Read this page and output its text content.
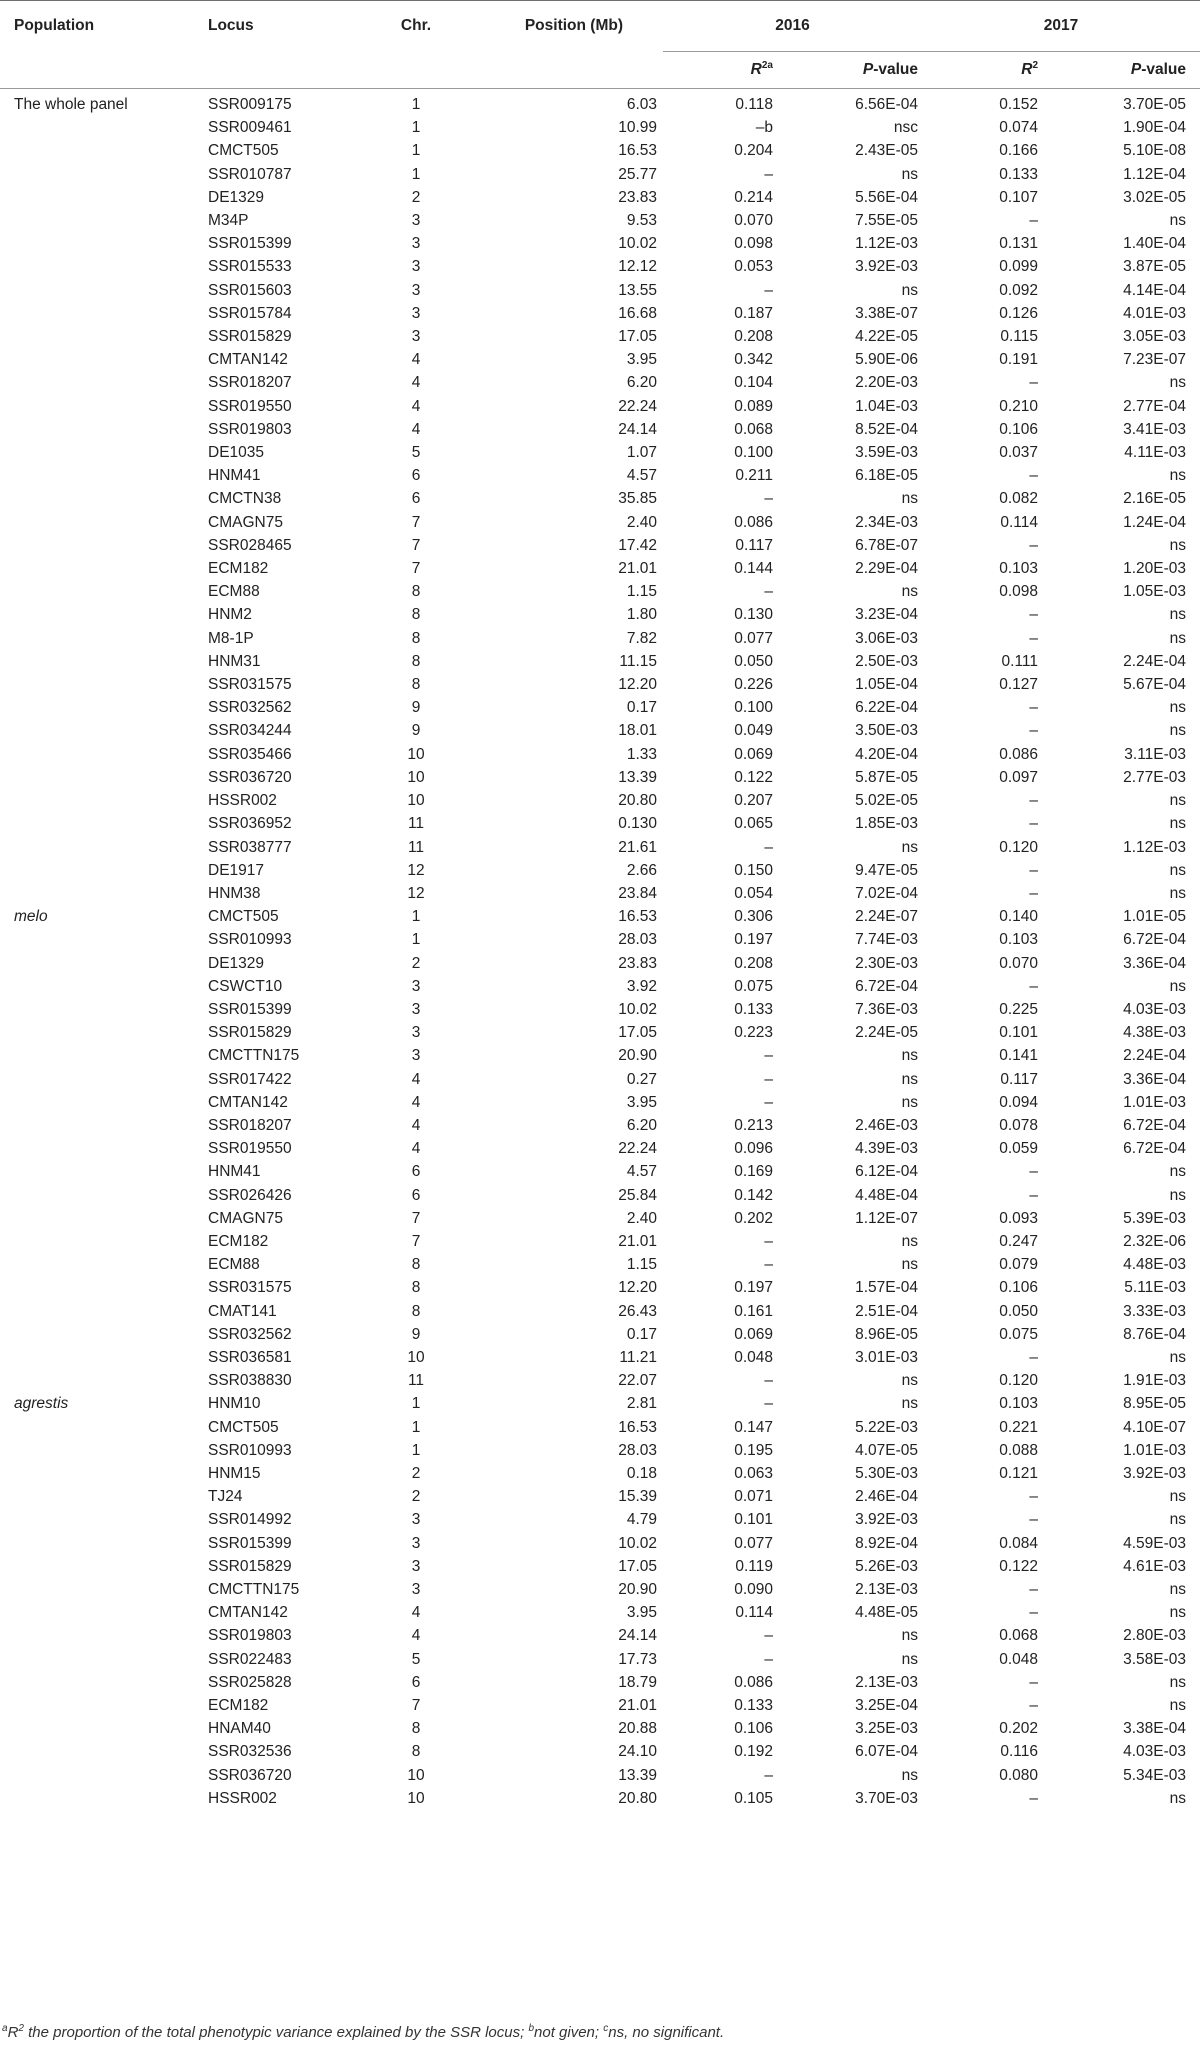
Population	Locus	Chr.	Position (Mb)	2016		2017	
				$R^{2a}$	P-value	$R^2$	P-value
The whole panel	SSR009175	1	6.03	0.118	6.56E-04	0.152	3.70E-05
	SSR009461	1	10.99	–b	nsc	0.074	1.90E-04
	CMCT505	1	16.53	0.204	2.43E-05	0.166	5.10E-08
	SSR010787	1	25.77	–	ns	0.133	1.12E-04
	DE1329	2	23.83	0.214	5.56E-04	0.107	3.02E-05
	M34P	3	9.53	0.070	7.55E-05	–	ns
	SSR015399	3	10.02	0.098	1.12E-03	0.131	1.40E-04
	SSR015533	3	12.12	0.053	3.92E-03	0.099	3.87E-05
	SSR015603	3	13.55	–	ns	0.092	4.14E-04
	SSR015784	3	16.68	0.187	3.38E-07	0.126	4.01E-03
	SSR015829	3	17.05	0.208	4.22E-05	0.115	3.05E-03
	CMTAN142	4	3.95	0.342	5.90E-06	0.191	7.23E-07
	SSR018207	4	6.20	0.104	2.20E-03	–	ns
	SSR019550	4	22.24	0.089	1.04E-03	0.210	2.77E-04
	SSR019803	4	24.14	0.068	8.52E-04	0.106	3.41E-03
	DE1035	5	1.07	0.100	3.59E-03	0.037	4.11E-03
	HNM41	6	4.57	0.211	6.18E-05	–	ns
	CMCTN38	6	35.85	–	ns	0.082	2.16E-05
	CMAGN75	7	2.40	0.086	2.34E-03	0.114	1.24E-04
	SSR028465	7	17.42	0.117	6.78E-07	–	ns
	ECM182	7	21.01	0.144	2.29E-04	0.103	1.20E-03
	ECM88	8	1.15	–	ns	0.098	1.05E-03
	HNM2	8	1.80	0.130	3.23E-04	–	ns
	M8-1P	8	7.82	0.077	3.06E-03	–	ns
	HNM31	8	11.15	0.050	2.50E-03	0.111	2.24E-04
	SSR031575	8	12.20	0.226	1.05E-04	0.127	5.67E-04
	SSR032562	9	0.17	0.100	6.22E-04	–	ns
	SSR034244	9	18.01	0.049	3.50E-03	–	ns
	SSR035466	10	1.33	0.069	4.20E-04	0.086	3.11E-03
	SSR036720	10	13.39	0.122	5.87E-05	0.097	2.77E-03
	HSSR002	10	20.80	0.207	5.02E-05	–	ns
	SSR036952	11	0.130	0.065	1.85E-03	–	ns
	SSR038777	11	21.61	–	ns	0.120	1.12E-03
	DE1917	12	2.66	0.150	9.47E-05	–	ns
	HNM38	12	23.84	0.054	7.02E-04	–	ns
melo	CMCT505	1	16.53	0.306	2.24E-07	0.140	1.01E-05
	SSR010993	1	28.03	0.197	7.74E-03	0.103	6.72E-04
	DE1329	2	23.83	0.208	2.30E-03	0.070	3.36E-04
	CSWCT10	3	3.92	0.075	6.72E-04	–	ns
	SSR015399	3	10.02	0.133	7.36E-03	0.225	4.03E-03
	SSR015829	3	17.05	0.223	2.24E-05	0.101	4.38E-03
	CMCTTN175	3	20.90	–	ns	0.141	2.24E-04
	SSR017422	4	0.27	–	ns	0.117	3.36E-04
	CMTAN142	4	3.95	–	ns	0.094	1.01E-03
	SSR018207	4	6.20	0.213	2.46E-03	0.078	6.72E-04
	SSR019550	4	22.24	0.096	4.39E-03	0.059	6.72E-04
	HNM41	6	4.57	0.169	6.12E-04	–	ns
	SSR026426	6	25.84	0.142	4.48E-04	–	ns
	CMAGN75	7	2.40	0.202	1.12E-07	0.093	5.39E-03
	ECM182	7	21.01	–	ns	0.247	2.32E-06
	ECM88	8	1.15	–	ns	0.079	4.48E-03
	SSR031575	8	12.20	0.197	1.57E-04	0.106	5.11E-03
	CMAT141	8	26.43	0.161	2.51E-04	0.050	3.33E-03
	SSR032562	9	0.17	0.069	8.96E-05	0.075	8.76E-04
	SSR036581	10	11.21	0.048	3.01E-03	–	ns
	SSR038830	11	22.07	–	ns	0.120	1.91E-03
agrestis	HNM10	1	2.81	–	ns	0.103	8.95E-05
	CMCT505	1	16.53	0.147	5.22E-03	0.221	4.10E-07
	SSR010993	1	28.03	0.195	4.07E-05	0.088	1.01E-03
	HNM15	2	0.18	0.063	5.30E-03	0.121	3.92E-03
	TJ24	2	15.39	0.071	2.46E-04	–	ns
	SSR014992	3	4.79	0.101	3.92E-03	–	ns
	SSR015399	3	10.02	0.077	8.92E-04	0.084	4.59E-03
	SSR015829	3	17.05	0.119	5.26E-03	0.122	4.61E-03
	CMCTTN175	3	20.90	0.090	2.13E-03	–	ns
	CMTAN142	4	3.95	0.114	4.48E-05	–	ns
	SSR019803	4	24.14	–	ns	0.068	2.80E-03
	SSR022483	5	17.73	–	ns	0.048	3.58E-03
	SSR025828	6	18.79	0.086	2.13E-03	–	ns
	ECM182	7	21.01	0.133	3.25E-04	–	ns
	HNAM40	8	20.88	0.106	3.25E-03	0.202	3.38E-04
	SSR032536	8	24.10	0.192	6.07E-04	0.116	4.03E-03
	SSR036720	10	13.39	–	ns	0.080	5.34E-03
	HSSR002	10	20.80	0.105	3.70E-03	–	ns
$^aR^2$ the proportion of the total phenotypic variance explained by the SSR locus; $^b$not given; $^c$ns, no significant.
